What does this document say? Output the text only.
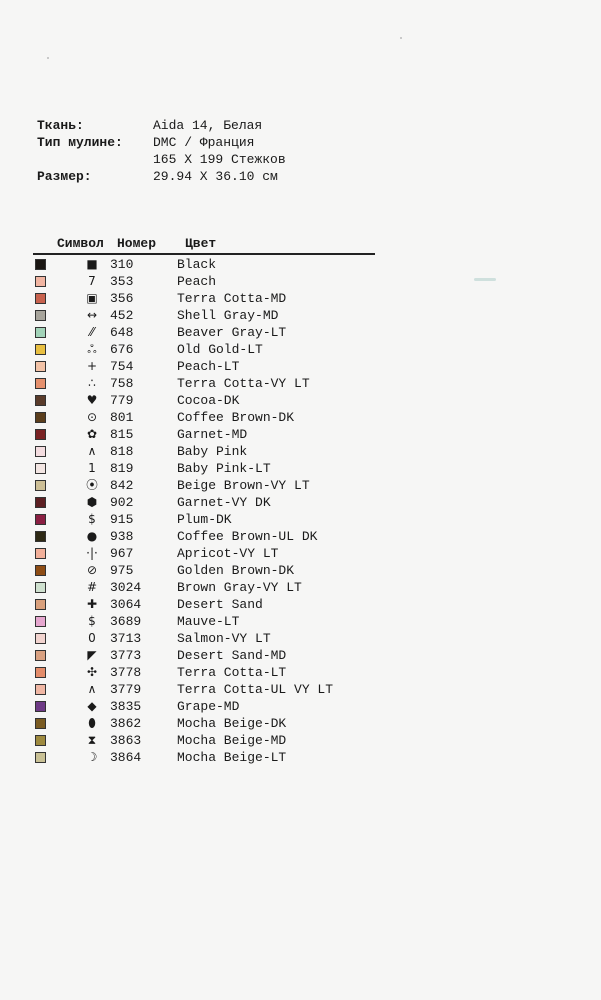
Ткань:	Aida 14, Белая
Тип мулине:	DMC / Франция
165 X 199 Стежков
Размер:	29.94 X 36.10 см
Символ	Номер	Цвет
■ 310	Black
7	353	Peach
▣ 356	Terra Cotta-MD
↔ 452	Shell Gray-MD
⁄⁄	648	Beaver Gray-LT
ஃ	676	Old Gold-LT
+ 754	Peach-LT
∴	758	Terra Cotta-VY LT
♥ 779	Cocoa-DK
⊙ 801	Coffee Brown-DK
✿ 815	Garnet-MD
∧	818	Baby Pink
1	819	Baby Pink-LT
⦿ 842	Beige Brown-VY LT
⬢ 902	Garnet-VY DK
$	915	Plum-DK
● 938	Coffee Brown-UL DK
·|· 967	Apricot-VY LT
⊘ 975	Golden Brown-DK
# 3024	Brown Gray-VY LT
✚ 3064	Desert Sand
$	3689	Mauve-LT
0	3713	Salmon-VY LT
◤	3773	Desert Sand-MD
✣ 3778	Terra Cotta-LT
∧	3779	Terra Cotta-UL VY LT
◆	3835	Grape-MD
⬮	3862	Mocha Beige-DK
⧗	3863	Mocha Beige-MD
☽ 3864	Mocha Beige-LT
